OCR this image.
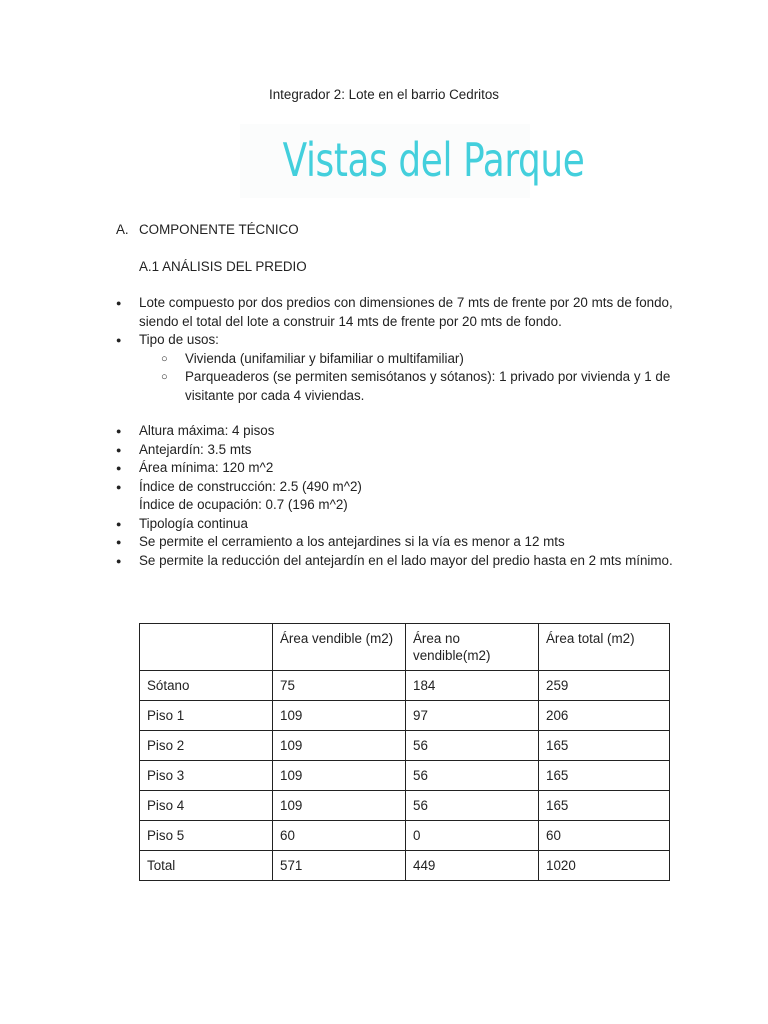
Integrador 2: Lote en el barrio Cedritos
Vistas del Parque
A. COMPONENTE TÉCNICO
A.1 ANÁLISIS DEL PREDIO
● Lote compuesto por dos predios con dimensiones de 7 mts de frente por 20 mts de fondo, siendo el total del lote a construir 14 mts de frente por 20 mts de fondo.
● Tipo de usos:
○ Vivienda (unifamiliar y bifamiliar o multifamiliar)
○ Parqueaderos (se permiten semisótanos y sótanos): 1 privado por vivienda y 1 de visitante por cada 4 viviendas.
● Altura máxima: 4 pisos
● Antejardín: 3.5 mts
● Área mínima: 120 m^2
● Índice de construcción: 2.5 (490 m^2)
Índice de ocupación: 0.7 (196 m^2)
● Tipología continua
● Se permite el cerramiento a los antejardines si la vía es menor a 12 mts
● Se permite la reducción del antejardín en el lado mayor del predio hasta en 2 mts mínimo.
	Área vendible (m2)	Área no vendible(m2)	Área total (m2)
Sótano	75	184	259
Piso 1	109	97	206
Piso 2	109	56	165
Piso 3	109	56	165
Piso 4	109	56	165
Piso 5	60	0	60
Total	571	449	1020
